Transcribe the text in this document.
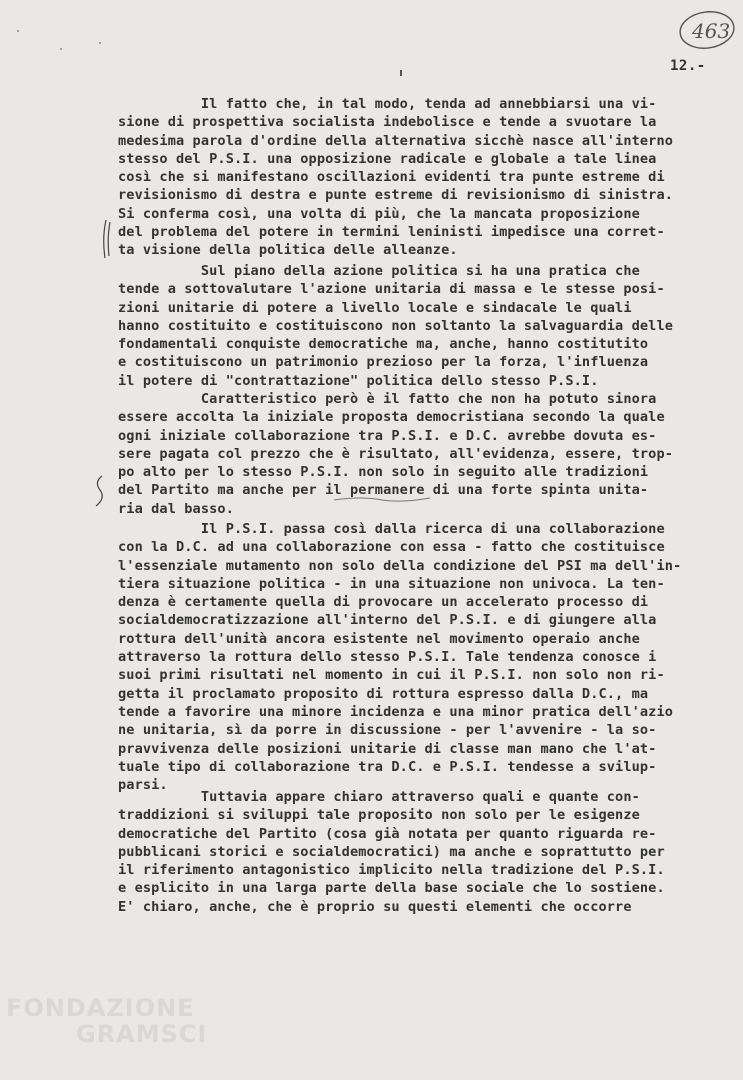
463
12.-

Il fatto che, in tal modo, tenda ad annebbiarsi una vi-
sione di prospettiva socialista indebolisce e tende a svuotare la
medesima parola d'ordine della alternativa sicchè nasce all'interno
stesso del P.S.I. una opposizione radicale e globale a tale linea
così che si manifestano oscillazioni evidenti tra punte estreme di
revisionismo di destra e punte estreme di revisionismo di sinistra.
Si conferma così, una volta di più, che la mancata proposizione
del problema del potere in termini leninisti impedisce una corret-
ta visione della politica delle alleanze.

Sul piano della azione politica si ha una pratica che
tende a sottovalutare l'azione unitaria di massa e le stesse posi-
zioni unitarie di potere a livello locale e sindacale le quali
hanno costituito e costituiscono non soltanto la salvaguardia delle
fondamentali conquiste democratiche ma, anche, hanno costitutito
e costituiscono un patrimonio prezioso per la forza, l'influenza
il potere di "contrattazione" politica dello stesso P.S.I.

Caratteristico però è il fatto che non ha potuto sinora
essere accolta la iniziale proposta democristiana secondo la quale
ogni iniziale collaborazione tra P.S.I. e D.C. avrebbe dovuta es-
sere pagata col prezzo che è risultato, all'evidenza, essere, trop-
po alto per lo stesso P.S.I. non solo in seguito alle tradizioni
del Partito ma anche per il permanere di una forte spinta unita-
ria dal basso.

Il P.S.I. passa così dalla ricerca di una collaborazione
con la D.C. ad una collaborazione con essa - fatto che costituisce
l'essenziale mutamento non solo della condizione del PSI ma dell'in-
tiera situazione politica - in una situazione non univoca. La ten-
denza è certamente quella di provocare un accelerato processo di
socialdemocratizzazione all'interno del P.S.I. e di giungere alla
rottura dell'unità ancora esistente nel movimento operaio anche
attraverso la rottura dello stesso P.S.I. Tale tendenza conosce i
suoi primi risultati nel momento in cui il P.S.I. non solo non ri-
getta il proclamato proposito di rottura espresso dalla D.C., ma
tende a favorire una minore incidenza e una minor pratica dell'azio
ne unitaria, sì da porre in discussione - per l'avvenire - la so-
pravvivenza delle posizioni unitarie di classe man mano che l'at-
tuale tipo di collaborazione tra D.C. e P.S.I. tendesse a svilup-
parsi.

Tuttavia appare chiaro attraverso quali e quante con-
traddizioni si sviluppi tale proposito non solo per le esigenze
democratiche del Partito (cosa già notata per quanto riguarda re-
pubblicani storici e socialdemocratici) ma anche e soprattutto per
il riferimento antagonistico implicito nella tradizione del P.S.I.
e esplicito in una larga parte della base sociale che lo sostiene.
E' chiaro, anche, che è proprio su questi elementi che occorre

FONDAZIONE
GRAMSCI
